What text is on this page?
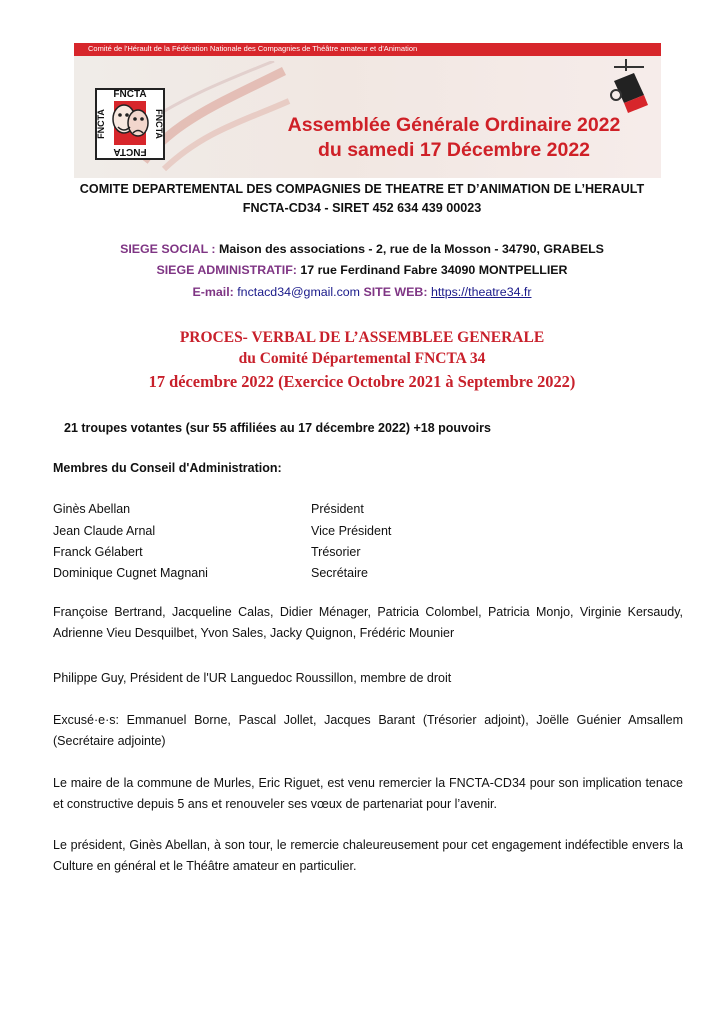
Comité de l'Hérault de la Fédération Nationale des Compagnies de Théâtre amateur et d'Animation
FNCTA
FNCTA
FNCTA	FNCTA	Assemblée Générale Ordinaire 2022
du samedi 17 Décembre 2022
COMITE DEPARTEMENTAL DES COMPAGNIES DE THEATRE ET D’ANIMATION DE L’HERAULT
FNCTA-CD34 - SIRET 452 634 439 00023
SIEGE SOCIAL : Maison des associations - 2, rue de la Mosson - 34790, GRABELS
SIEGE ADMINISTRATIF: 17 rue Ferdinand Fabre 34090 MONTPELLIER
E-mail: fnctacd34@gmail.com SITE WEB: https://theatre34.fr
PROCES- VERBAL DE L’ASSEMBLEE GENERALE
du Comité Départemental FNCTA 34
17 décembre 2022 (Exercice Octobre 2021 à Septembre 2022)
21 troupes votantes (sur 55 affiliées au 17 décembre 2022) +18 pouvoirs
Membres du Conseil d'Administration:
Ginès Abellan	Président
Jean Claude Arnal	Vice Président
Franck Gélabert	Trésorier
Dominique Cugnet Magnani	Secrétaire
Françoise Bertrand, Jacqueline Calas, Didier Ménager, Patricia Colombel, Patricia Monjo, Virginie Kersaudy, Adrienne Vieu Desquilbet, Yvon Sales, Jacky Quignon, Frédéric Mounier
Philippe Guy, Président de l'UR Languedoc Roussillon, membre de droit
Excusé·e·s: Emmanuel Borne, Pascal Jollet, Jacques Barant (Trésorier adjoint), Joëlle Guénier Amsallem (Secrétaire adjointe)
Le maire de la commune de Murles, Eric Riguet, est venu remercier la FNCTA-CD34 pour son implication tenace et constructive depuis 5 ans et renouveler ses vœux de partenariat pour l’avenir.
Le président, Ginès Abellan, à son tour, le remercie chaleureusement pour cet engagement indéfectible envers la Culture en général et le Théâtre amateur en particulier.
